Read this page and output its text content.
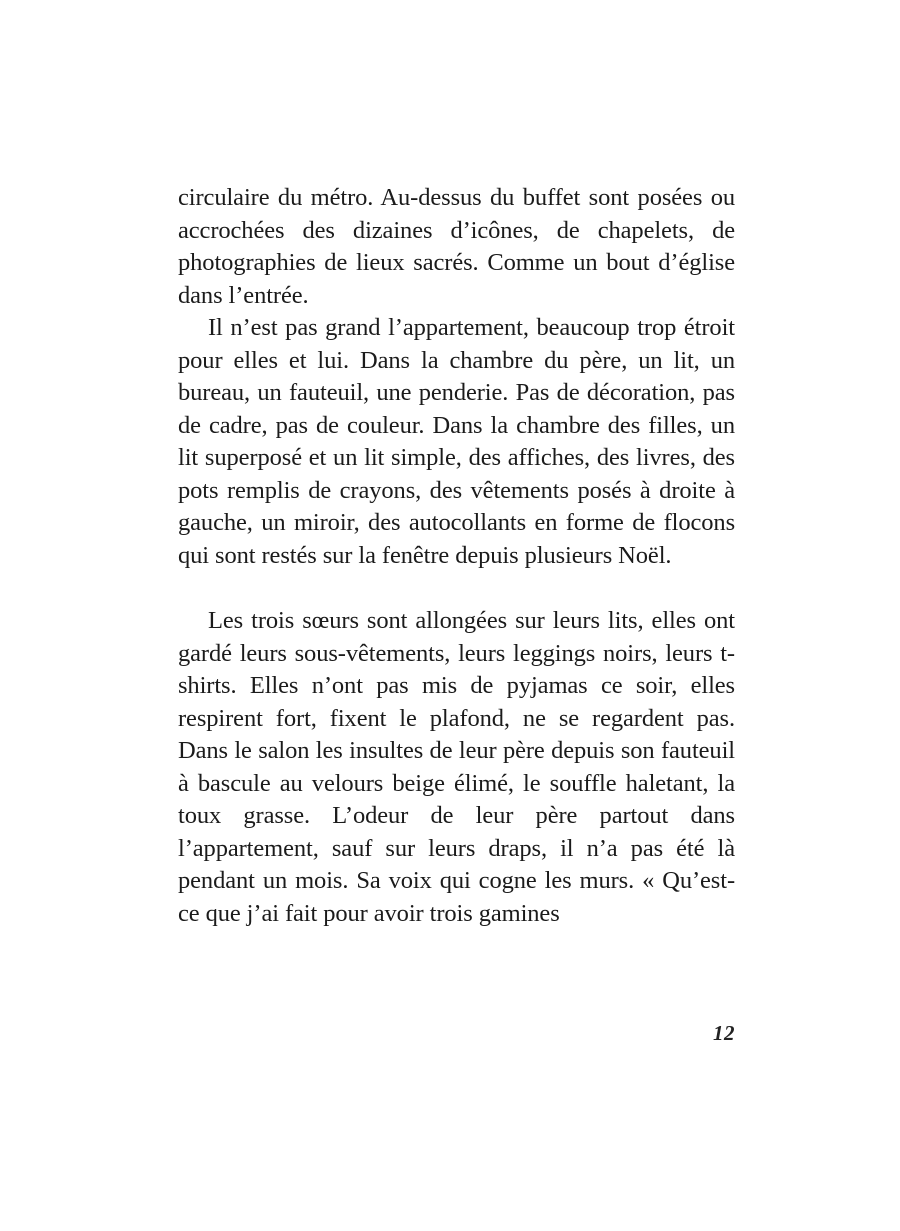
circulaire du métro. Au-dessus du buffet sont posées ou accrochées des dizaines d’icônes, de chapelets, de photographies de lieux sacrés. Comme un bout d’église dans l’entrée.

Il n’est pas grand l’appartement, beaucoup trop étroit pour elles et lui. Dans la chambre du père, un lit, un bureau, un fauteuil, une penderie. Pas de décoration, pas de cadre, pas de couleur. Dans la chambre des filles, un lit superposé et un lit simple, des affiches, des livres, des pots remplis de crayons, des vêtements posés à droite à gauche, un miroir, des autocollants en forme de flocons qui sont restés sur la fenêtre depuis plusieurs Noël.

Les trois sœurs sont allongées sur leurs lits, elles ont gardé leurs sous-vêtements, leurs leggings noirs, leurs t-shirts. Elles n’ont pas mis de pyjamas ce soir, elles respirent fort, fixent le plafond, ne se regardent pas. Dans le salon les insultes de leur père depuis son fauteuil à bascule au velours beige élimé, le souffle haletant, la toux grasse. L’odeur de leur père partout dans l’appartement, sauf sur leurs draps, il n’a pas été là pendant un mois. Sa voix qui cogne les murs. « Qu’est-ce que j’ai fait pour avoir trois gamines

12
